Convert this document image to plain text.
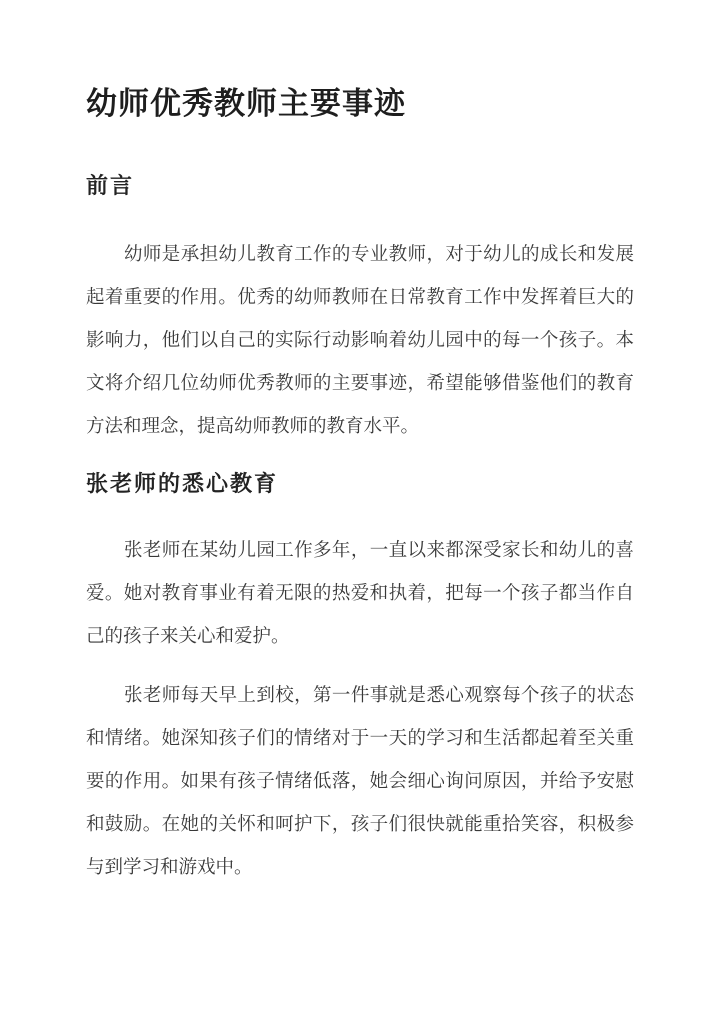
幼师优秀教师主要事迹
前言
幼师是承担幼儿教育工作的专业教师，对于幼儿的成长和发展
起着重要的作用。优秀的幼师教师在日常教育工作中发挥着巨大的
影响力，他们以自己的实际行动影响着幼儿园中的每一个孩子。本
文将介绍几位幼师优秀教师的主要事迹，希望能够借鉴他们的教育
方法和理念，提高幼师教师的教育水平。
张老师的悉心教育
张老师在某幼儿园工作多年，一直以来都深受家长和幼儿的喜
爱。她对教育事业有着无限的热爱和执着，把每一个孩子都当作自
己的孩子来关心和爱护。
张老师每天早上到校，第一件事就是悉心观察每个孩子的状态
和情绪。她深知孩子们的情绪对于一天的学习和生活都起着至关重
要的作用。如果有孩子情绪低落，她会细心询问原因，并给予安慰
和鼓励。在她的关怀和呵护下，孩子们很快就能重拾笑容，积极参
与到学习和游戏中。
